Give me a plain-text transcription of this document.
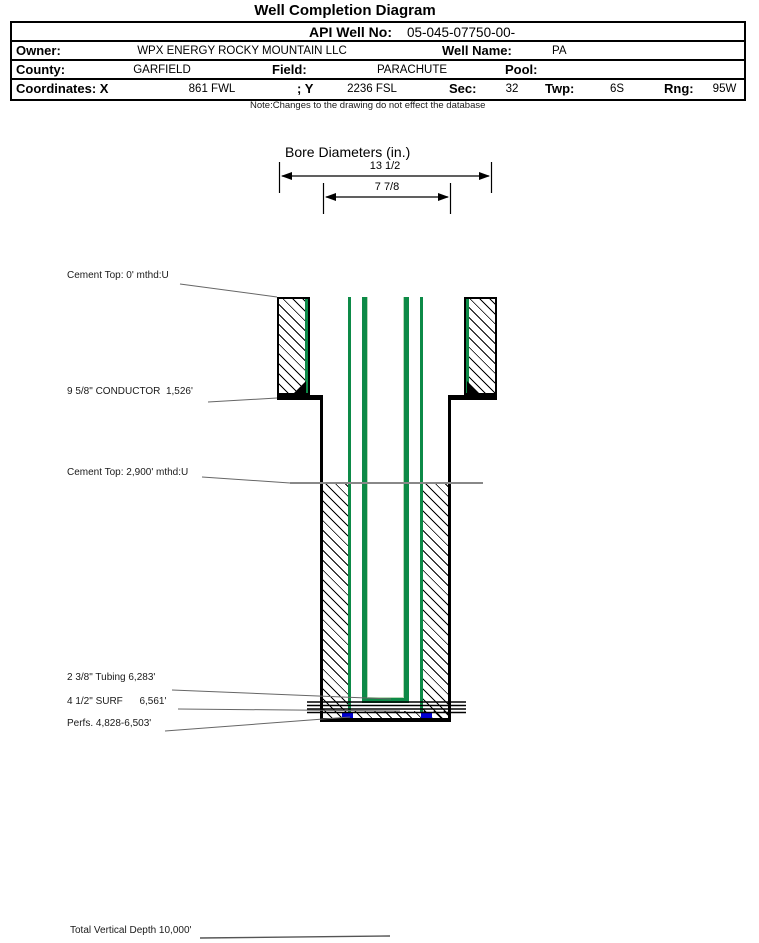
Well Completion Diagram
API Well No: 05-045-07750-00-
Owner:	WPX ENERGY ROCKY MOUNTAIN LLC	Well Name:	PA
County:	GARFIELD	Field:	PARACHUTE	Pool:
Coordinates: X	861 FWL	; Y	2236 FSL	Sec:	32	Twp:	6S	Rng:	95W
Note:Changes to the drawing do not effect the database
Bore Diameters (in.)
13 1/2
7 7/8
Cement Top: 0' mthd:U
9 5/8" CONDUCTOR  1,526'
Cement Top: 2,900' mthd:U
2 3/8" Tubing 6,283'
4 1/2" SURF      6,561'
Perfs. 4,828-6,503'
Total Vertical Depth 10,000'
